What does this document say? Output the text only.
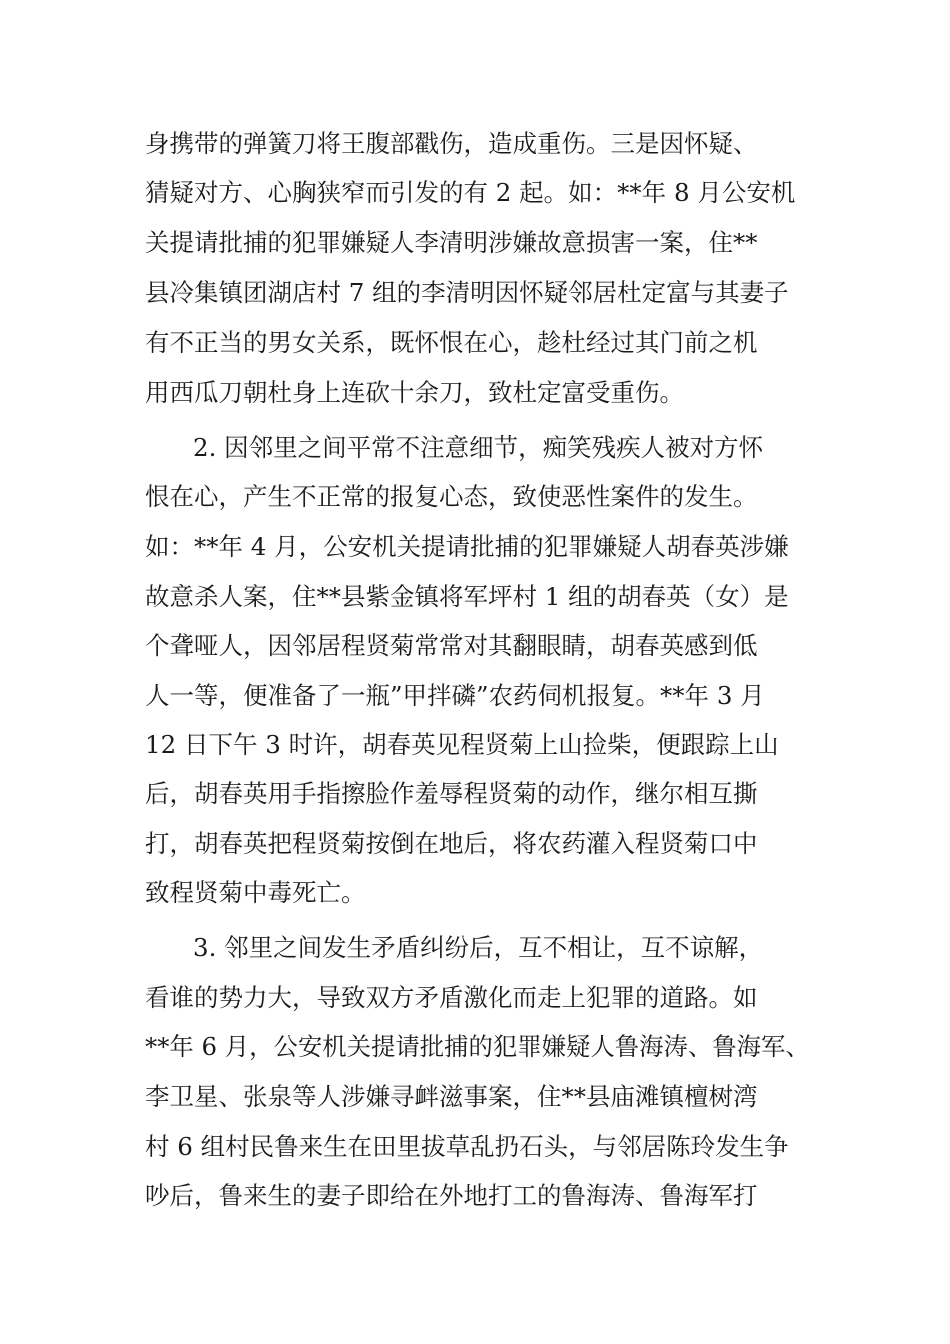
身携带的弹簧刀将王腹部戳伤，造成重伤。三是因怀疑、
猜疑对方、心胸狭窄而引发的有 2 起。如：**年 8 月公安机
关提请批捕的犯罪嫌疑人李清明涉嫌故意损害一案，住**
县冷集镇团湖店村 7 组的李清明因怀疑邻居杜定富与其妻子
有不正当的男女关系，既怀恨在心，趁杜经过其门前之机
用西瓜刀朝杜身上连砍十余刀，致杜定富受重伤。
2. 因邻里之间平常不注意细节，痴笑残疾人被对方怀
恨在心，产生不正常的报复心态，致使恶性案件的发生。
如：**年 4 月，公安机关提请批捕的犯罪嫌疑人胡春英涉嫌
故意杀人案，住**县紫金镇将军坪村 1 组的胡春英（女）是
个聋哑人，因邻居程贤菊常常对其翻眼睛，胡春英感到低
人一等，便准备了一瓶”甲拌磷”农药伺机报复。**年 3 月
12 日下午 3 时许，胡春英见程贤菊上山捡柴，便跟踪上山
后，胡春英用手指擦脸作羞辱程贤菊的动作，继尔相互撕
打，胡春英把程贤菊按倒在地后，将农药灌入程贤菊口中
致程贤菊中毒死亡。
3. 邻里之间发生矛盾纠纷后，互不相让，互不谅解，
看谁的势力大，导致双方矛盾激化而走上犯罪的道路。如
**年 6 月，公安机关提请批捕的犯罪嫌疑人鲁海涛、鲁海军、
李卫星、张泉等人涉嫌寻衅滋事案，住**县庙滩镇檀树湾
村 6 组村民鲁来生在田里拔草乱扔石头，与邻居陈玲发生争
吵后，鲁来生的妻子即给在外地打工的鲁海涛、鲁海军打
